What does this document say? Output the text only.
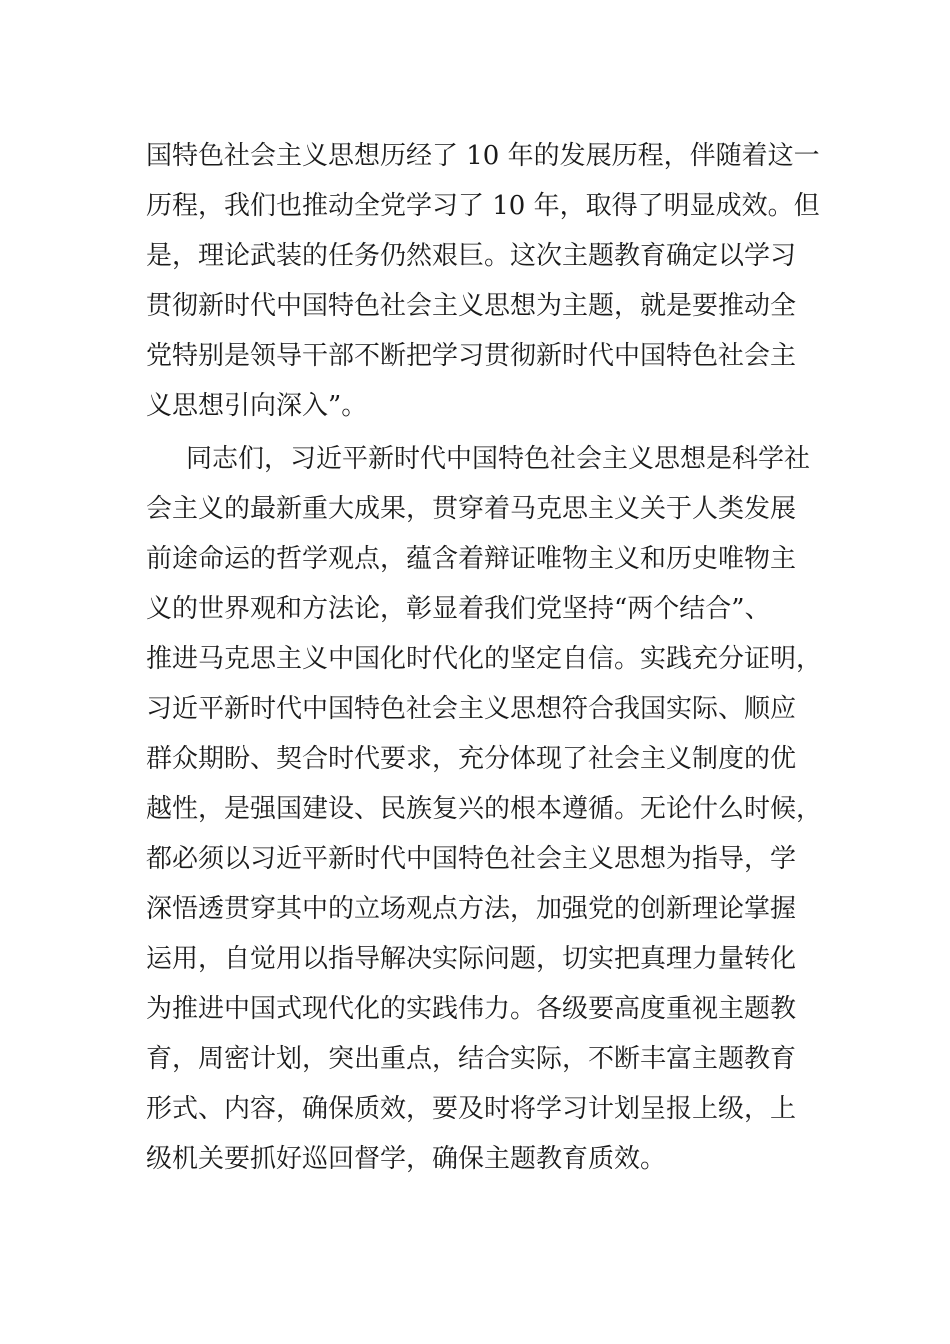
国特色社会主义思想历经了 10 年的发展历程，伴随着这一
历程，我们也推动全党学习了 10 年，取得了明显成效。但
是，理论武装的任务仍然艰巨。这次主题教育确定以学习
贯彻新时代中国特色社会主义思想为主题，就是要推动全
党特别是领导干部不断把学习贯彻新时代中国特色社会主
义思想引向深入”。
同志们，习近平新时代中国特色社会主义思想是科学社
会主义的最新重大成果，贯穿着马克思主义关于人类发展
前途命运的哲学观点，蕴含着辩证唯物主义和历史唯物主
义的世界观和方法论，彰显着我们党坚持“两个结合”、
推进马克思主义中国化时代化的坚定自信。实践充分证明，
习近平新时代中国特色社会主义思想符合我国实际、顺应
群众期盼、契合时代要求，充分体现了社会主义制度的优
越性，是强国建设、民族复兴的根本遵循。无论什么时候，
都必须以习近平新时代中国特色社会主义思想为指导，学
深悟透贯穿其中的立场观点方法，加强党的创新理论掌握
运用，自觉用以指导解决实际问题，切实把真理力量转化
为推进中国式现代化的实践伟力。各级要高度重视主题教
育，周密计划，突出重点，结合实际，不断丰富主题教育
形式、内容，确保质效，要及时将学习计划呈报上级，上
级机关要抓好巡回督学，确保主题教育质效。
